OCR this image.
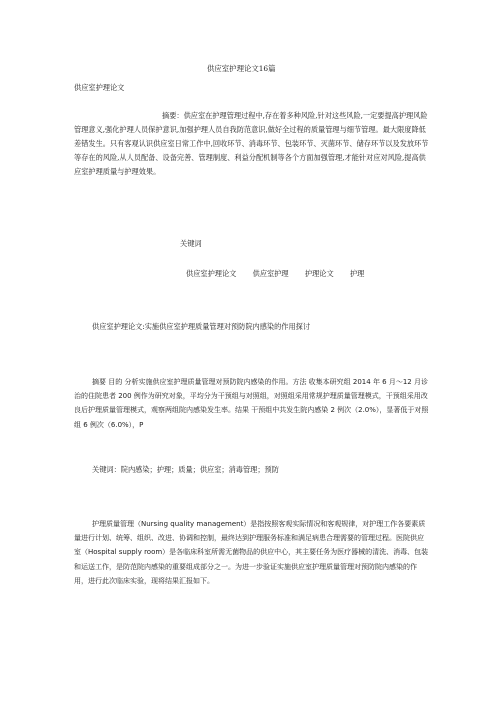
供应室护理论文16篇
供应室护理论文
摘要：供应室在护理管理过程中,存在着多种风险,针对这些风险,一定要提高护理风险管理意义,强化护理人员保护意识,加强护理人员自我防范意识,做好全过程的质量管理与细节管理。最大限度降低差错发生。只有客观认识供应室日常工作中,回收环节、消毒环节、包装环节、灭菌环节、储存环节以及发放环节等存在的风险,从人员配备、设备完善、管理制度、利益分配机制等各个方面加强管理,才能针对应对风险,提高供应室护理质量与护理效果。
关键词
供应室护理论文 供应室护理 护理论文 护理
供应室护理论文:实施供应室护理质量管理对预防院内感染的作用探讨
摘要 目的 分析实施供应室护理质量管理对预防院内感染的作用。方法 收集本研究组 2014 年 6 月～12 月诊治的住院患者 200 例作为研究对象，平均分为干预组与对照组，对照组采用常规护理质量管理模式，干预组采用改良后护理质量管理模式，观察两组院内感染发生率。结果 干预组中共发生院内感染 2 例次（2.0%），显著低于对照组 6 例次（6.0%），P
关键词：院内感染；护理；质量；供应室；消毒管理；预防
护理质量管理（Nursing quality management）是指按照客观实际情况和客观规律，对护理工作各要素质量进行计划、统筹、组织、改进、协调和控制，最终达到护理服务标准和满足病患合理需要的管理过程。医院供应室（Hospital supply room）是各临床科室所需无菌物品的供应中心，其主要任务为医疗器械的清洗、消毒、包装和运送工作，是防范院内感染的重要组成部分之一。为进一步验证实施供应室护理质量管理对预防院内感染的作用，进行此次临床实验，现将结果汇报如下。
